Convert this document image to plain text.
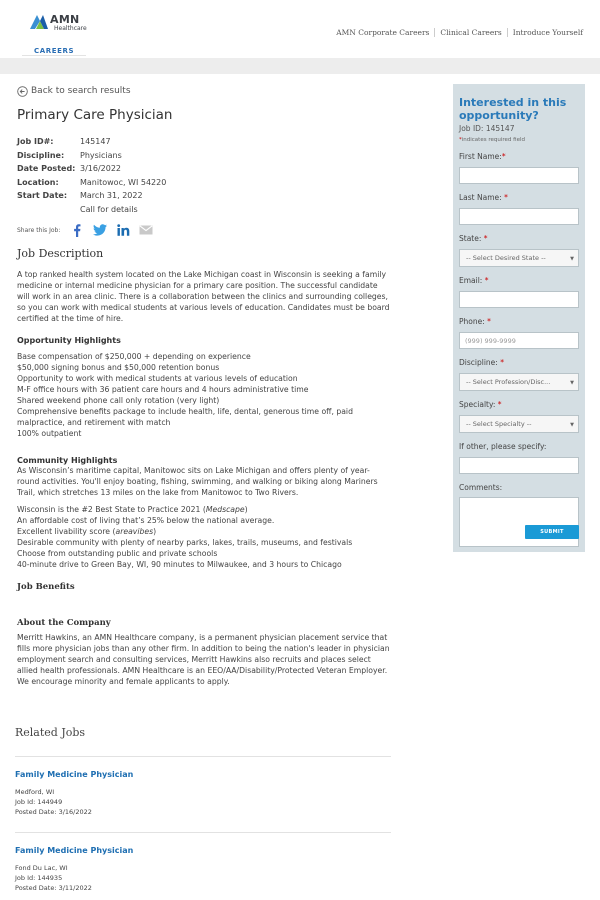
AMN
Healthcare
CAREERS
AMN Corporate Careers	Clinical Careers	Introduce Yourself
Back to search results
Primary Care Physician
Job ID#:	145147
Discipline:	Physicians
Date Posted: 3/16/2022
Location:	Manitowoc, WI 54220
Start Date:	March 31, 2022
Call for details
Share this Job:
Job Description

A top ranked health system located on the Lake Michigan coast in Wisconsin is seeking a family medicine or internal medicine physician for a primary care position. The successful candidate will work in an area clinic. There is a collaboration between the clinics and surrounding colleges, so you can work with medical students at various levels of education. Candidates must be board certified at the time of hire.

Opportunity Highlights
Base compensation of $250,000 + depending on experience
$50,000 signing bonus and $50,000 retention bonus
Opportunity to work with medical students at various levels of education
M-F office hours with 36 patient care hours and 4 hours administrative time
Shared weekend phone call only rotation (very light)
Comprehensive benefits package to include health, life, dental, generous time off, paid malpractice, and retirement with match
100% outpatient
Community Highlights

As Wisconsin’s maritime capital, Manitowoc sits on Lake Michigan and offers plenty of year-round activities. You'll enjoy boating, fishing, swimming, and walking or biking along Mariners Trail, which stretches 13 miles on the lake from Manitowoc to Two Rivers.

Wisconsin is the #2 Best State to Practice 2021 (Medscape)
An affordable cost of living that’s 25% below the national average.
Excellent livability score (areavibes)
Desirable community with plenty of nearby parks, lakes, trails, museums, and festivals
Choose from outstanding public and private schools
40-minute drive to Green Bay, WI, 90 minutes to Milwaukee, and 3 hours to Chicago
Job Benefits
About the Company

Merritt Hawkins, an AMN Healthcare company, is a permanent physician placement service that fills more physician jobs than any other firm. In addition to being the nation's leader in physician employment search and consulting services, Merritt Hawkins also recruits and places select allied health professionals. AMN Healthcare is an EEO/AA/Disability/Protected Veteran Employer. We encourage minority and female applicants to apply.

Related Jobs
Family Medicine Physician
Medford, WI
Job Id: 144949
Posted Date: 3/16/2022
Family Medicine Physician
Fond Du Lac, WI
Job Id: 144935
Posted Date: 3/11/2022
Interested in this opportunity?
Job ID: 145147
*indicates required field
First Name:*
Last Name: *
State: *
-- Select Desired State --	▼
Email: *
Phone: *
(999) 999-9999
Discipline: *
-- Select Profession/Disc...	▼
Specialty: *
-- Select Specialty --	▼
If other, please specify:
Comments:
SUBMIT
